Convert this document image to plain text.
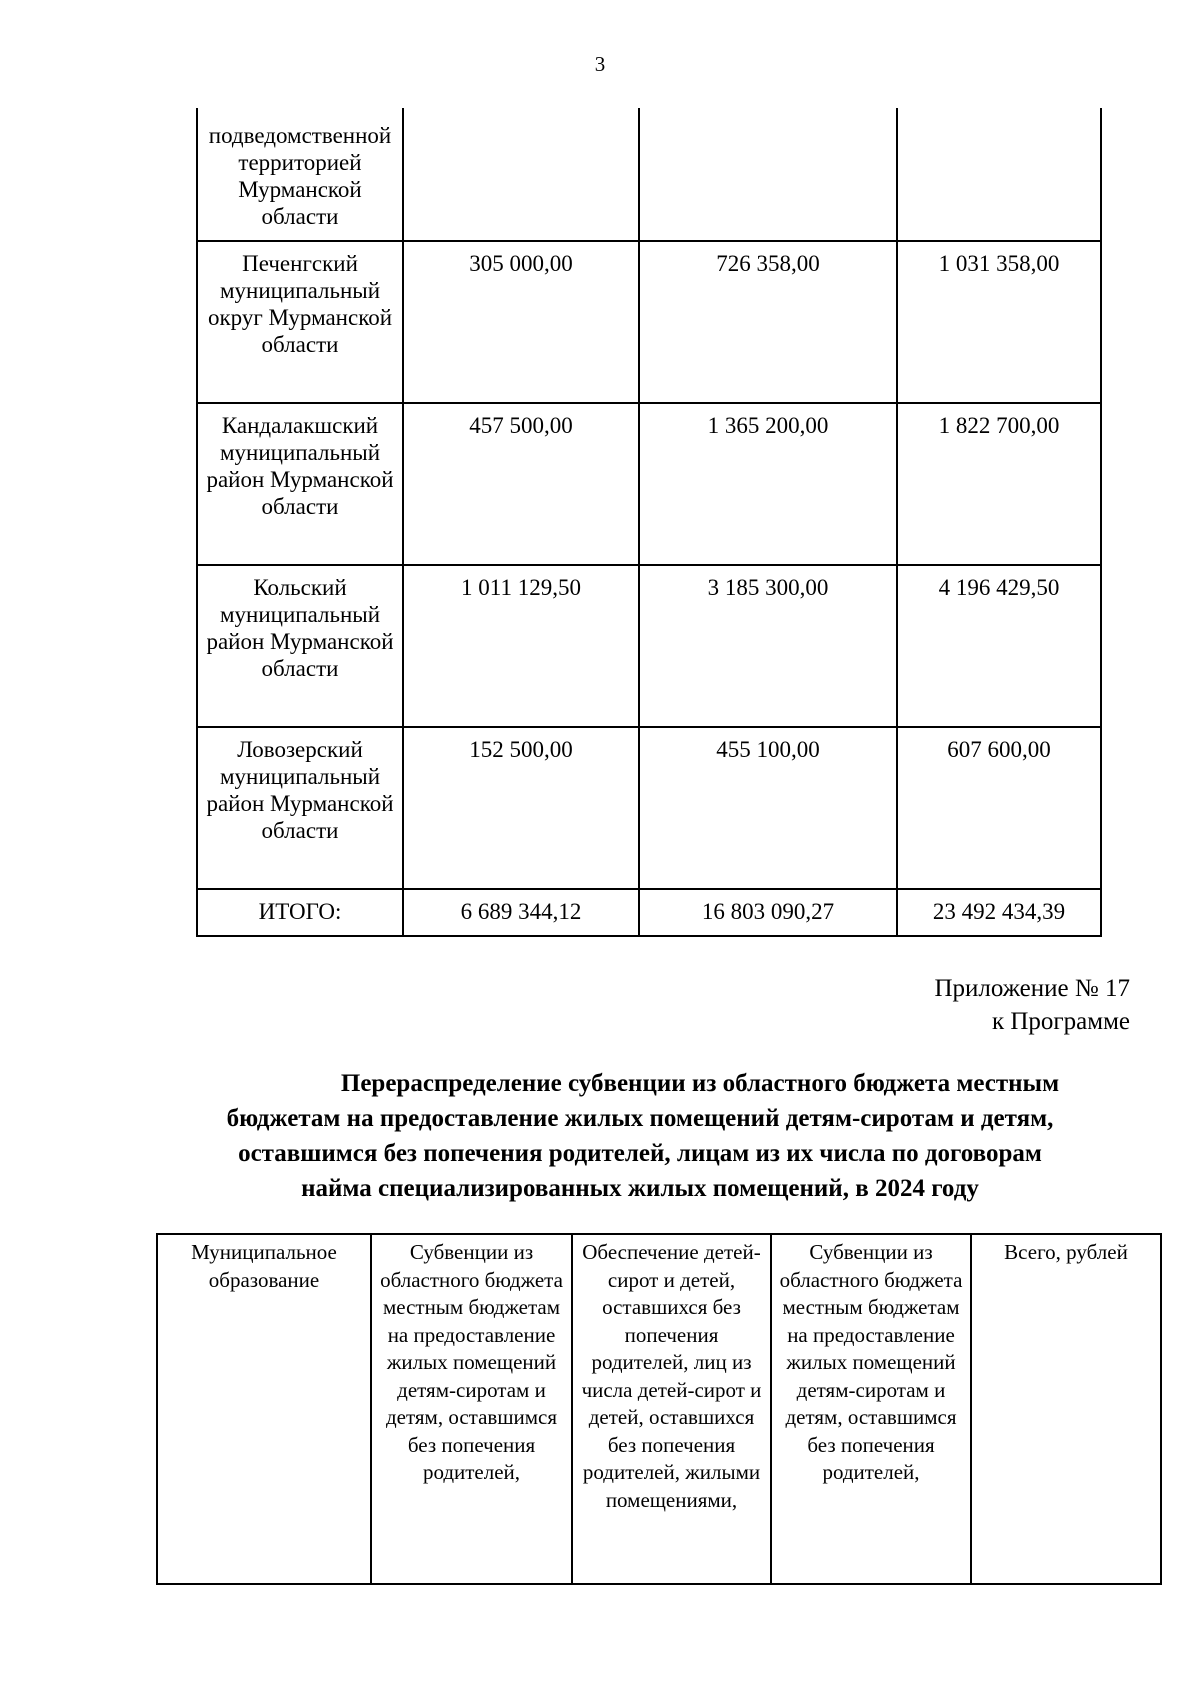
3
подведомственной территорией Мурманской области			
Печенгский муниципальный округ Мурманской области	305 000,00	726 358,00	1 031 358,00
Кандалакшский муниципальный район Мурманской области	457 500,00	1 365 200,00	1 822 700,00
Кольский муниципальный район Мурманской области	1 011 129,50	3 185 300,00	4 196 429,50
Ловозерский муниципальный район Мурманской области	152 500,00	455 100,00	607 600,00
ИТОГО:	6 689 344,12	16 803 090,27	23 492 434,39
Приложение № 17
к Программе
Перераспределение субвенции из областного бюджета местным
бюджетам на предоставление жилых помещений детям-сиротам и детям,
оставшимся без попечения родителей, лицам из их числа по договорам
найма специализированных жилых помещений, в 2024 году
Муниципальное образование	Субвенции из областного бюджета местным бюджетам на предоставление жилых помещений детям-сиротам и детям, оставшимся без попечения родителей,	Обеспечение детей-сирот и детей, оставшихся без попечения родителей, лиц из числа детей-сирот и детей, оставшихся без попечения родителей, жилыми помещениями,	Субвенции из областного бюджета местным бюджетам на предоставление жилых помещений детям-сиротам и детям, оставшимся без попечения родителей,	Всего, рублей
